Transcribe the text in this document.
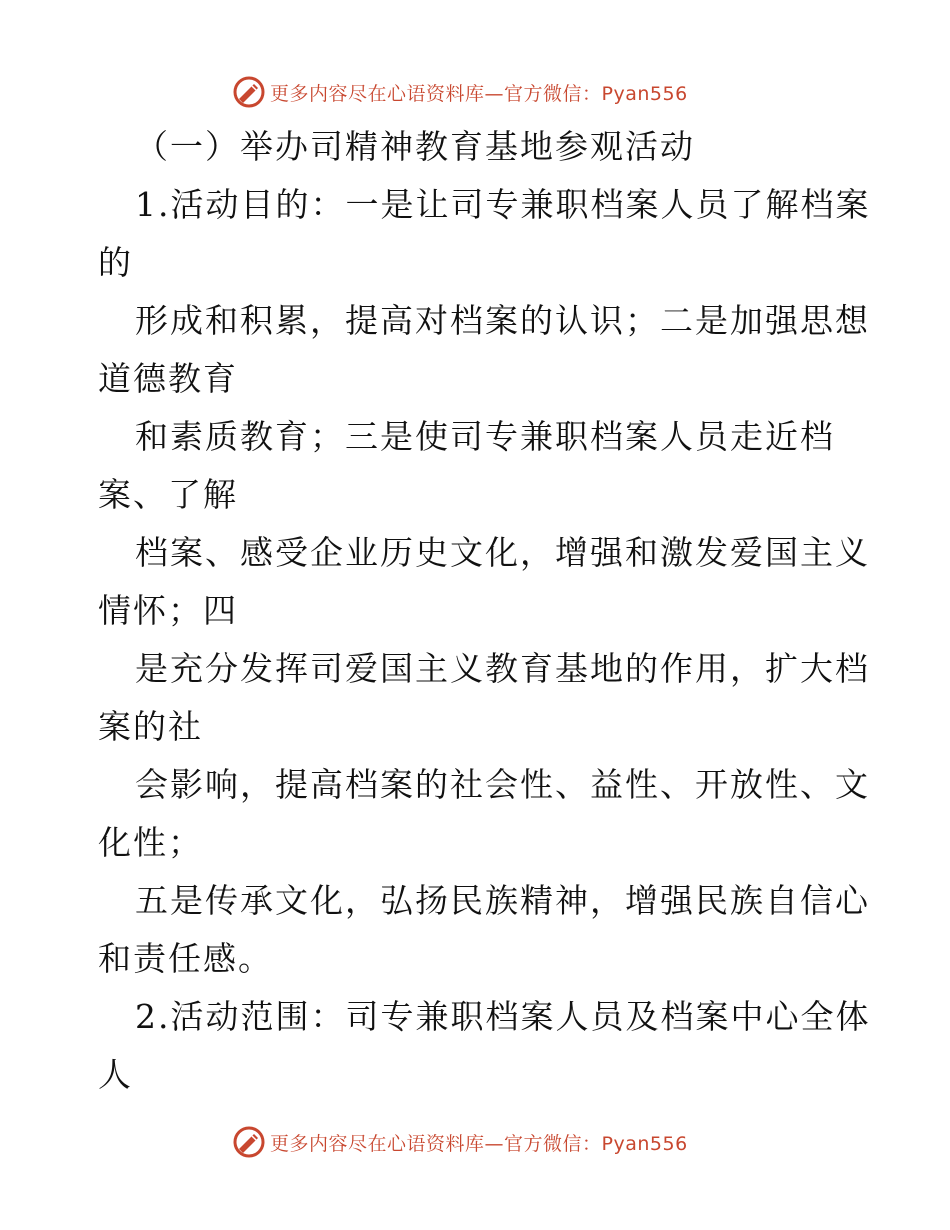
更多内容尽在心语资料库—官方微信：Pyan556
（一）举办司精神教育基地参观活动
1.活动目的：一是让司专兼职档案人员了解档案
的
形成和积累，提高对档案的认识；二是加强思想
道德教育
和素质教育；三是使司专兼职档案人员走近档
案、了解
档案、感受企业历史文化，增强和激发爱国主义
情怀；四
是充分发挥司爱国主义教育基地的作用，扩大档
案的社
会影响，提高档案的社会性、益性、开放性、文
化性；
五是传承文化，弘扬民族精神，增强民族自信心
和责任感。
2.活动范围：司专兼职档案人员及档案中心全体
人
更多内容尽在心语资料库—官方微信：Pyan556
